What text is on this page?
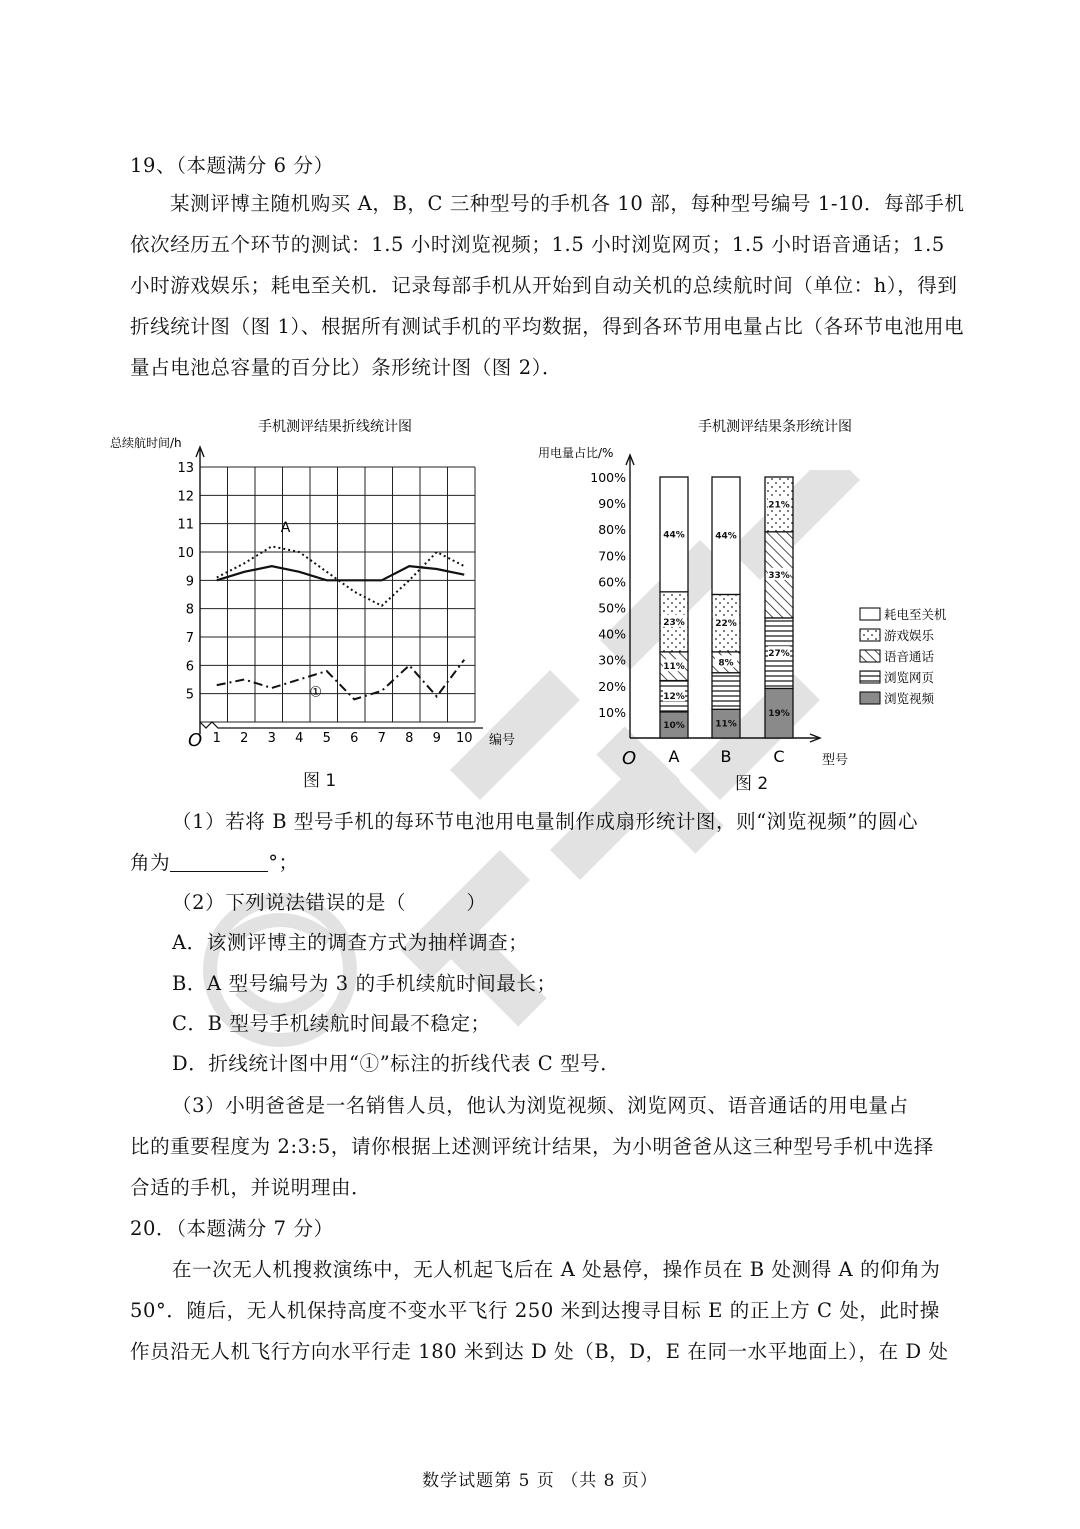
19、（本题满分 6 分）
某测评博主随机购买 A，B，C 三种型号的手机各 10 部，每种型号编号 1-10．每部手机依次经历五个环节的测试：1.5 小时浏览视频；1.5 小时浏览网页；1.5 小时语音通话；1.5 小时游戏娱乐；耗电至关机．记录每部手机从开始到自动关机的总续航时间（单位：h），得到折线统计图（图 1）、根据所有测试手机的平均数据，得到各环节用电量占比（各环节电池用电量占电池总容量的百分比）条形统计图（图 2）．
手机测评结果折线统计图
总续航时间/h
O	编号
5
6
7
8
9
10
11
12
13
1 2 3 4 5 6 7 8 9 10
A
①
图 1
手机测评结果条形统计图
用电量占比/%
O	型号
10%
20%
30%
40%
50%
60%
70%
80%
90%
100%
A	B	C
10%
12%
11%
23%
44%
11%
8%
22%
44%
19%
27%
33%
21%
耗电至关机
游戏娱乐
语音通话
浏览网页
浏览视频
图 2
（1）若将 B 型号手机的每环节电池用电量制作成扇形统计图，则“浏览视频”的圆心
角为	°；
（2）下列说法错误的是（　　　）
A．该测评博主的调查方式为抽样调查；
B．A 型号编号为 3 的手机续航时间最长；
C．B 型号手机续航时间最不稳定；
D．折线统计图中用“①”标注的折线代表 C 型号．
（3）小明爸爸是一名销售人员，他认为浏览视频、浏览网页、语音通话的用电量占
比的重要程度为 2:3:5，请你根据上述测评统计结果，为小明爸爸从这三种型号手机中选择
合适的手机，并说明理由．
20．（本题满分 7 分）
在一次无人机搜救演练中，无人机起飞后在 A 处悬停，操作员在 B 处测得 A 的仰角为
50°．随后，无人机保持高度不变水平飞行 250 米到达搜寻目标 E 的正上方 C 处，此时操
作员沿无人机飞行方向水平行走 180 米到达 D 处（B，D，E 在同一水平地面上），在 D 处
数学试题第 5 页 （共 8 页）
